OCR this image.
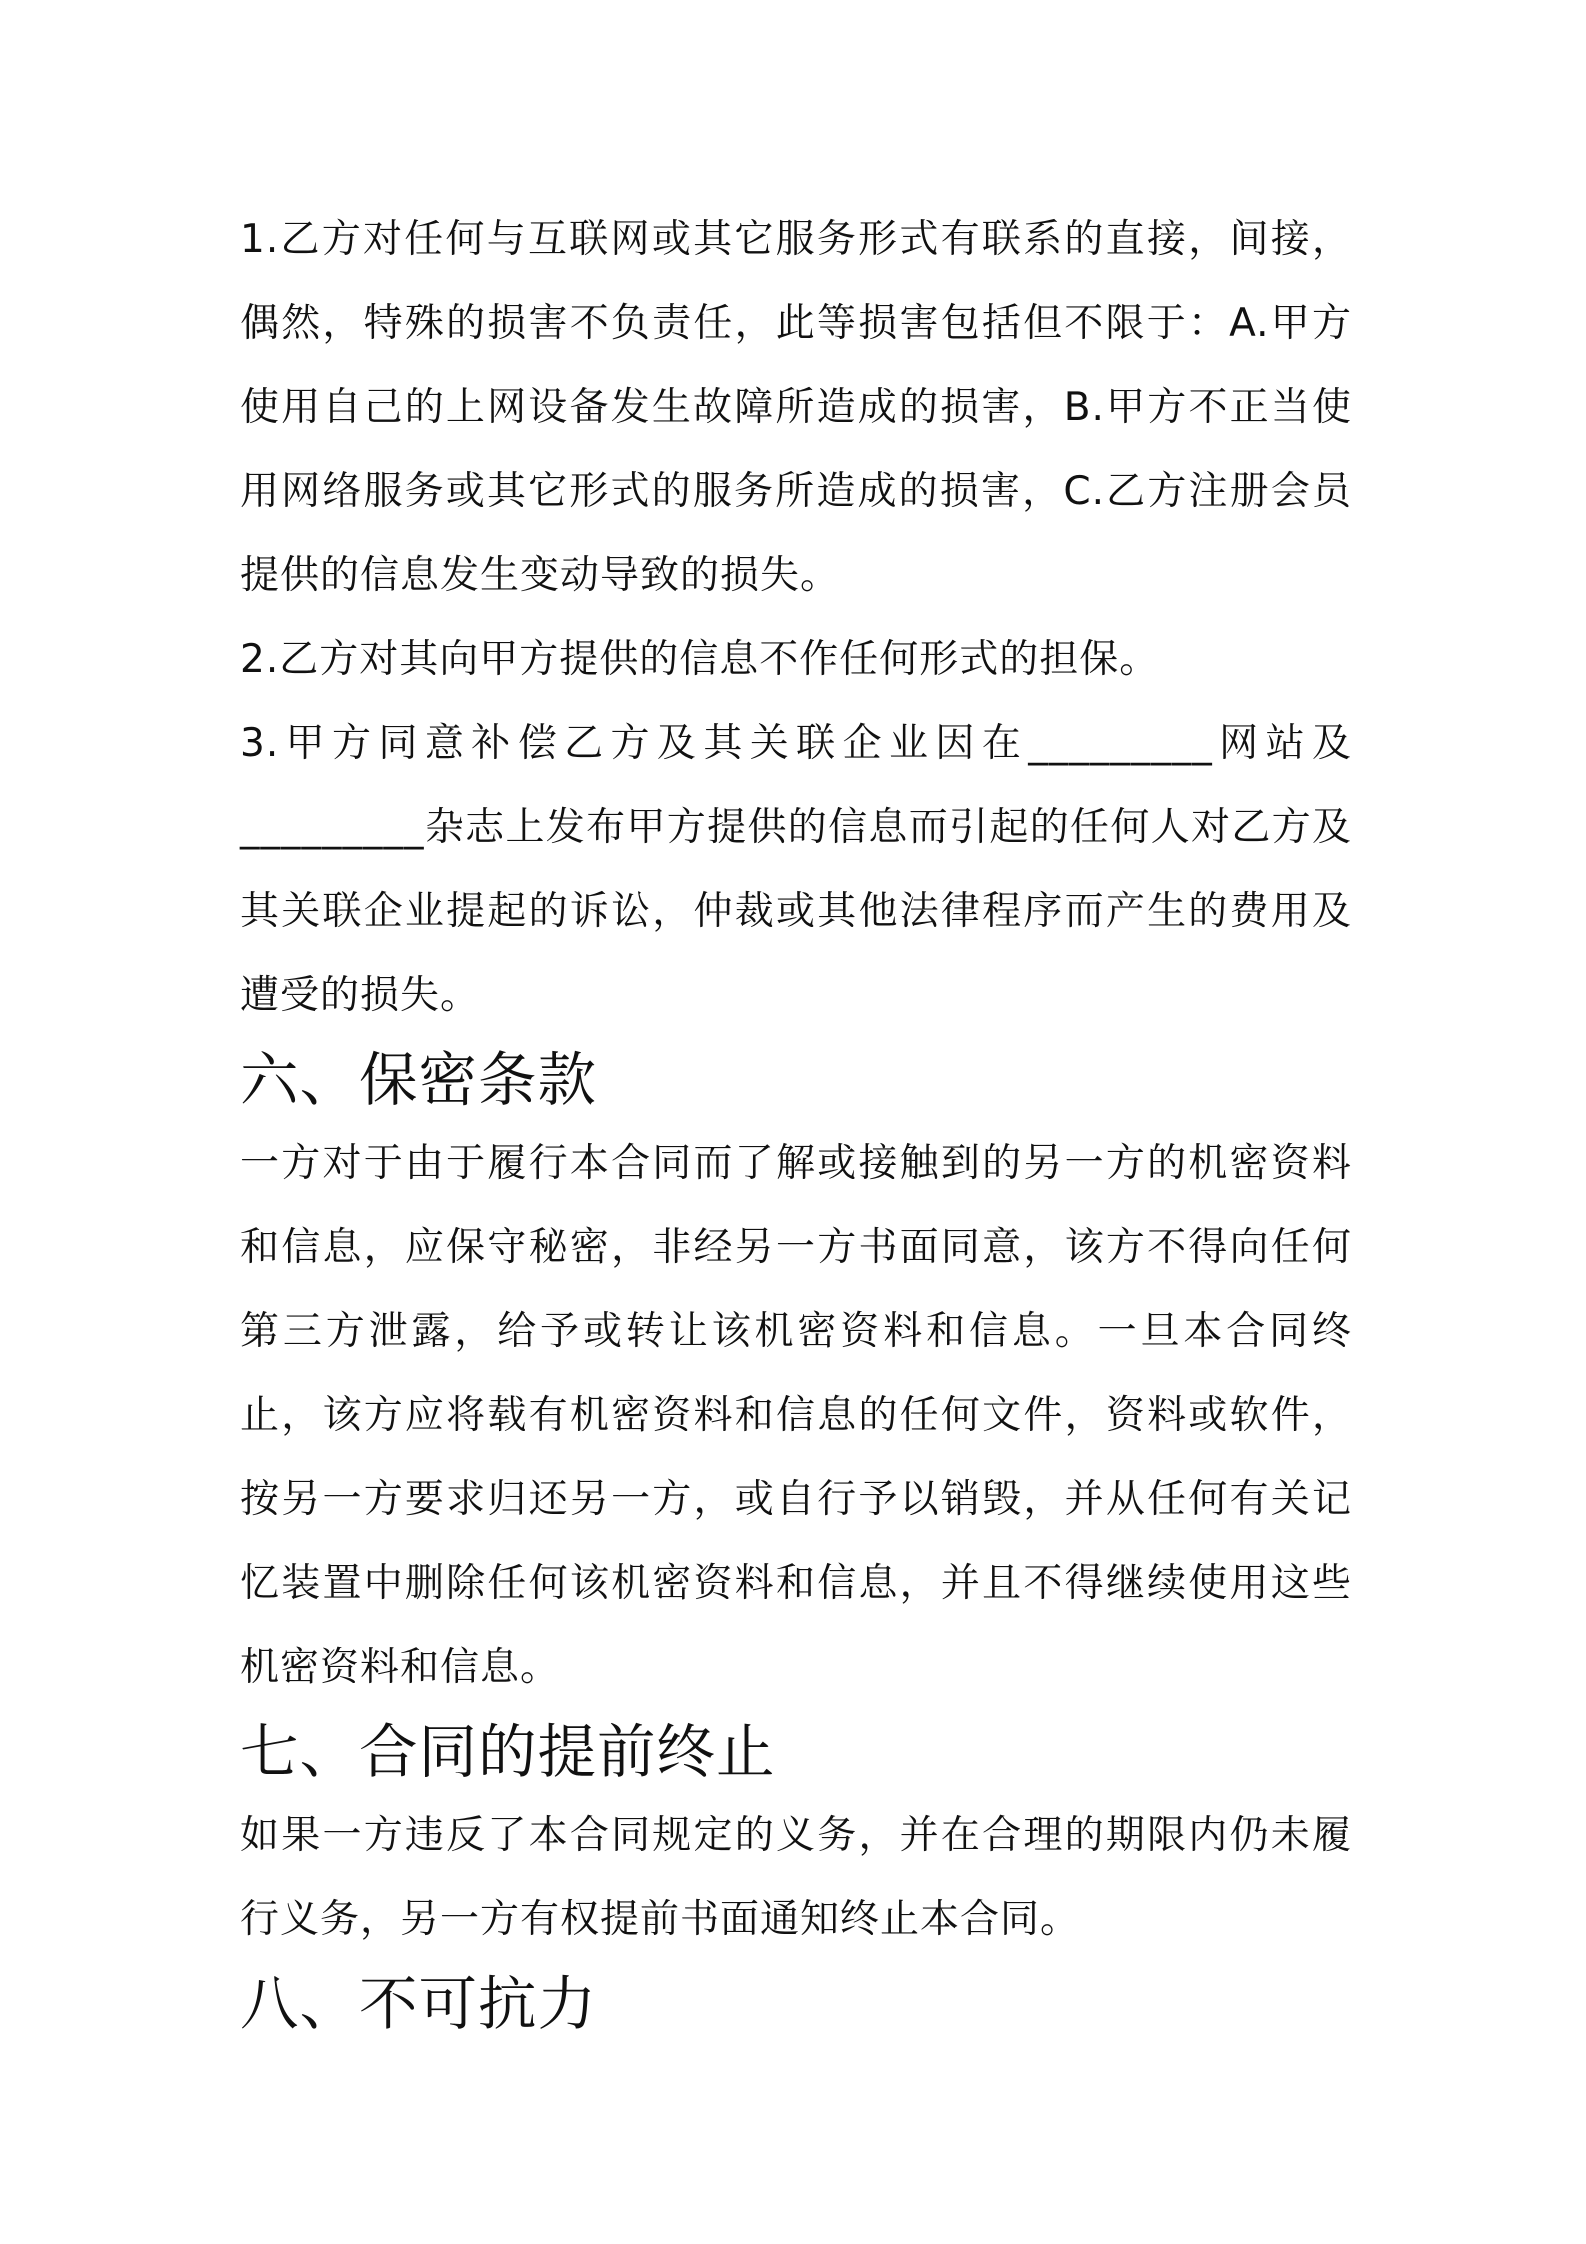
1.乙方对任何与互联网或其它服务形式有联系的直接，间接，偶然，特殊的损害不负责任，此等损害包括但不限于：A.甲方使用自己的上网设备发生故障所造成的损害，B.甲方不正当使用网络服务或其它形式的服务所造成的损害，C.乙方注册会员提供的信息发生变动导致的损失。

2.乙方对其向甲方提供的信息不作任何形式的担保。

3.甲方同意补偿乙方及其关联企业因在_________网站及_________杂志上发布甲方提供的信息而引起的任何人对乙方及其关联企业提起的诉讼，仲裁或其他法律程序而产生的费用及遭受的损失。

六、保密条款

一方对于由于履行本合同而了解或接触到的另一方的机密资料和信息，应保守秘密，非经另一方书面同意，该方不得向任何第三方泄露，给予或转让该机密资料和信息。一旦本合同终止，该方应将载有机密资料和信息的任何文件，资料或软件，按另一方要求归还另一方，或自行予以销毁，并从任何有关记忆装置中删除任何该机密资料和信息，并且不得继续使用这些机密资料和信息。

七、合同的提前终止

如果一方违反了本合同规定的义务，并在合理的期限内仍未履行义务，另一方有权提前书面通知终止本合同。

八、不可抗力
